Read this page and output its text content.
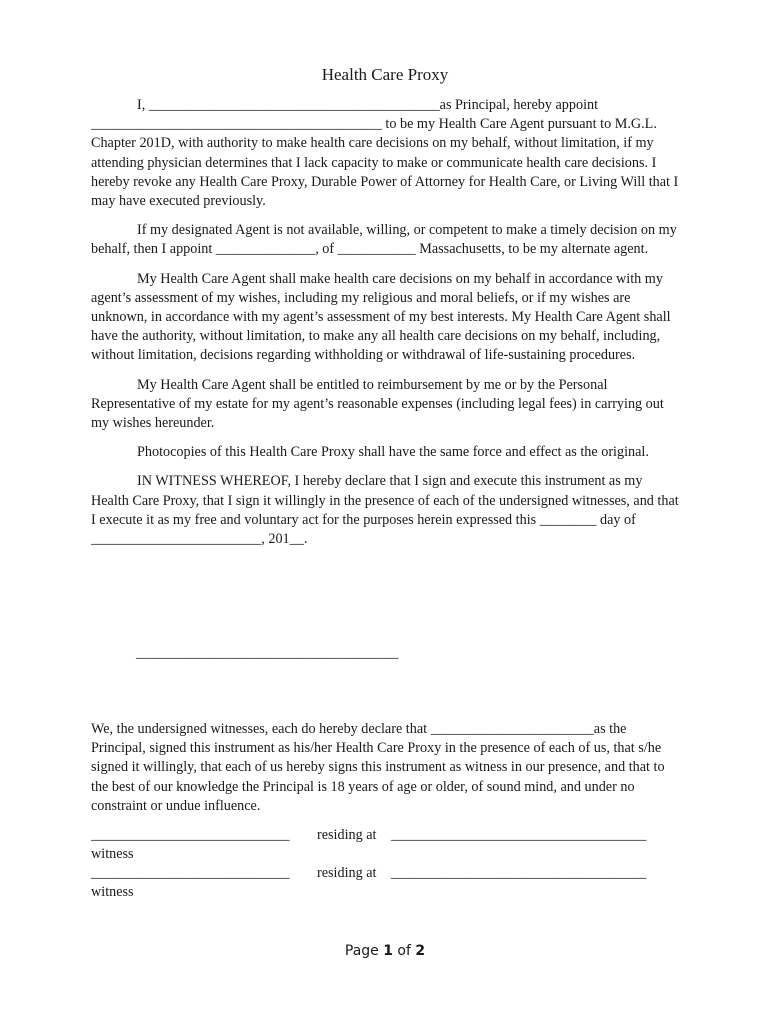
Health Care Proxy

I, _________________________________________as Principal, hereby appoint _________________________________________ to be my Health Care Agent pursuant to M.G.L. Chapter 201D, with authority to make health care decisions on my behalf, without limitation, if my attending physician determines that I lack capacity to make or communicate health care decisions. I hereby revoke any Health Care Proxy, Durable Power of Attorney for Health Care, or Living Will that I may have executed previously.

If my designated Agent is not available, willing, or competent to make a timely decision on my behalf, then I appoint ______________, of ___________ Massachusetts, to be my alternate agent.

My Health Care Agent shall make health care decisions on my behalf in accordance with my agent’s assessment of my wishes, including my religious and moral beliefs, or if my wishes are unknown, in accordance with my agent’s assessment of my best interests. My Health Care Agent shall have the authority, without limitation, to make any all health care decisions on my behalf, including, without limitation, decisions regarding withholding or withdrawal of life-sustaining procedures.

My Health Care Agent shall be entitled to reimbursement by me or by the Personal Representative of my estate for my agent’s reasonable expenses (including legal fees) in carrying out my wishes hereunder.

Photocopies of this Health Care Proxy shall have the same force and effect as the original.

IN WITNESS WHEREOF, I hereby declare that I sign and execute this instrument as my Health Care Proxy, that I sign it willingly in the presence of each of the undersigned witnesses, and that I execute it as my free and voluntary act for the purposes herein expressed this ________ day of ________________________, 201__.

_____________________________________

We, the undersigned witnesses, each do hereby declare that _______________________as the Principal, signed this instrument as his/her Health Care Proxy in the presence of each of us, that s/he signed it willingly, that each of us hereby signs this instrument as witness in our presence, and that to the best of our knowledge the Principal is 18 years of age or older, of sound mind, and under no constraint or undue influence.

____________________________ residing at ____________________________________
witness
____________________________ residing at ____________________________________
witness
Page 1 of 2
